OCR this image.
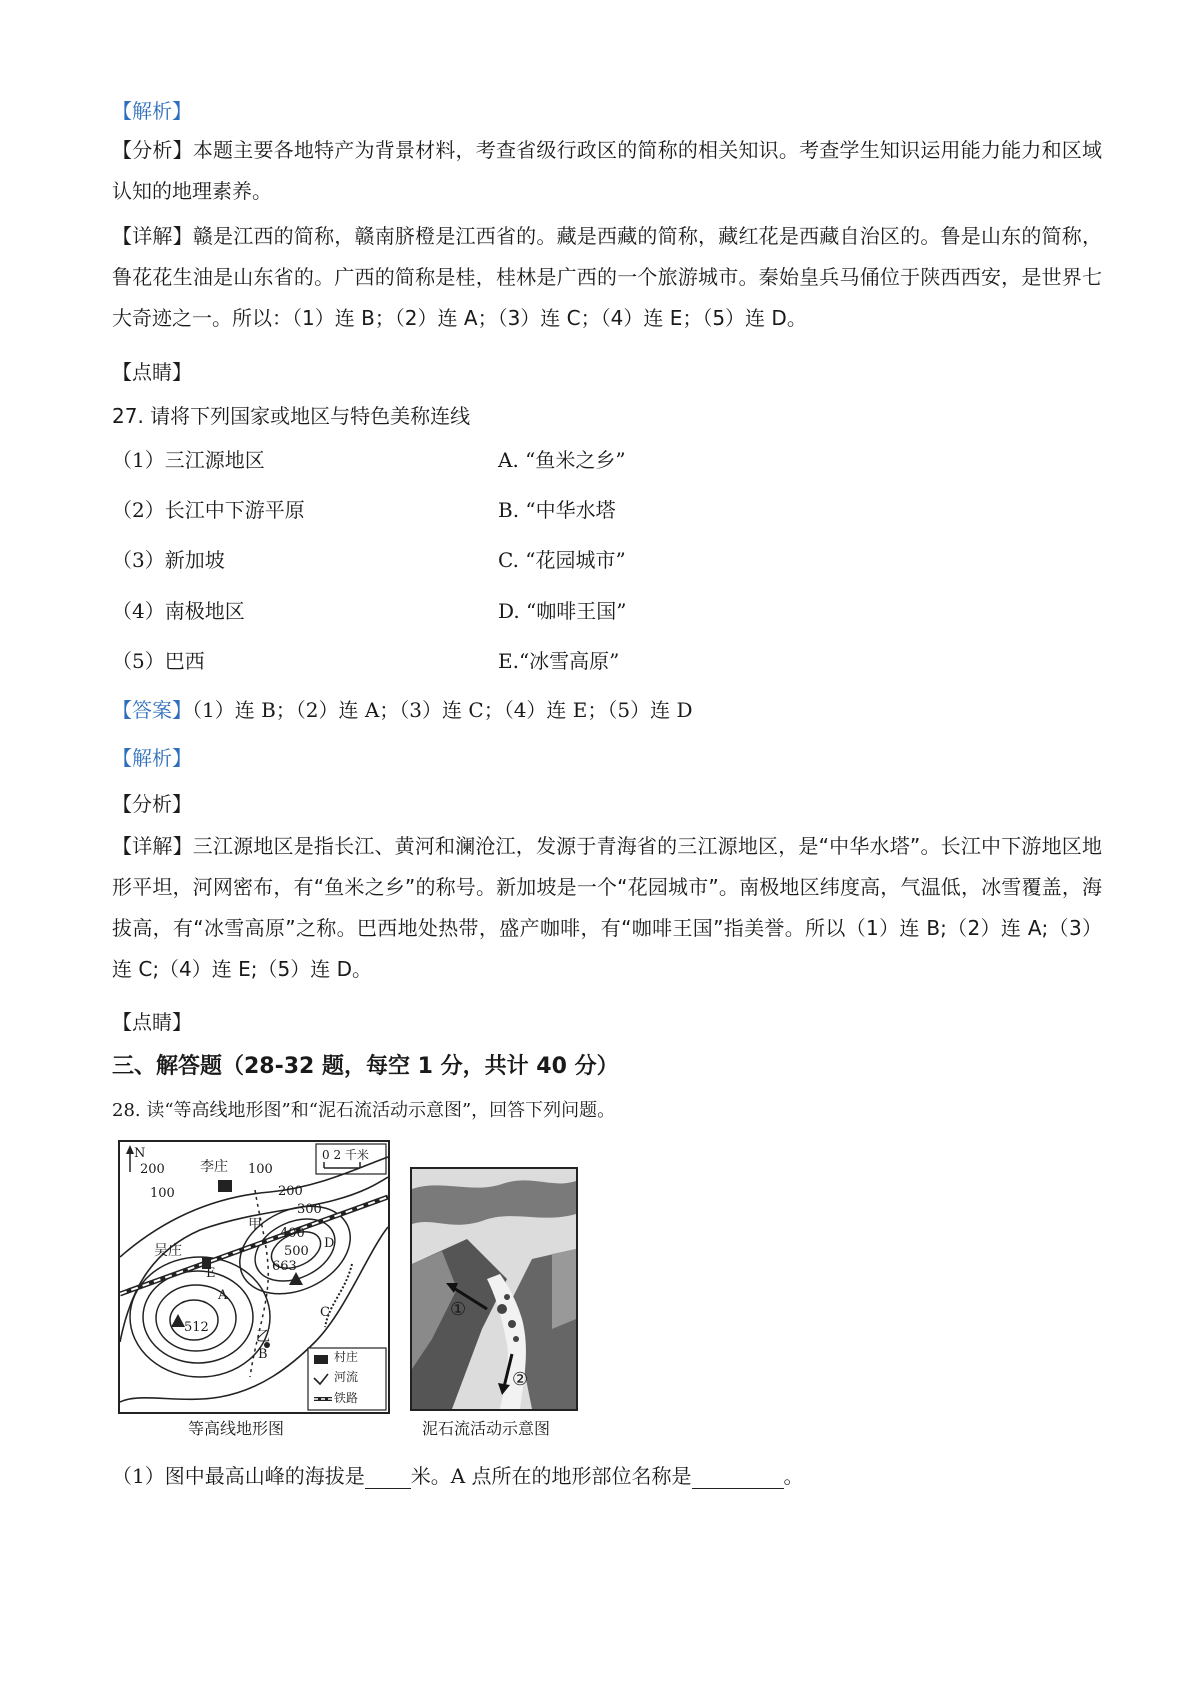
【解析】
【分析】本题主要各地特产为背景材料，考查省级行政区的简称的相关知识。考查学生知识运用能力能力和区域认知的地理素养。
【详解】赣是江西的简称，赣南脐橙是江西省的。藏是西藏的简称，藏红花是西藏自治区的。鲁是山东的简称，鲁花花生油是山东省的。广西的简称是桂，桂林是广西的一个旅游城市。秦始皇兵马俑位于陕西西安，是世界七大奇迹之一。所以：（1）连 B；（2）连 A；（3）连 C；（4）连 E；（5）连 D。
【点睛】
27. 请将下列国家或地区与特色美称连线
（1）三江源地区	A. “鱼米之乡”
（2）长江中下游平原	B. “中华水塔
（3）新加坡	C. “花园城市”
（4）南极地区	D. “咖啡王国”
（5）巴西	E.“冰雪高原”
【答案】（1）连 B；（2）连 A；（3）连 C；（4）连 E；（5）连 D
【解析】
【分析】
【详解】三江源地区是指长江、黄河和澜沧江，发源于青海省的三江源地区，是“中华水塔”。长江中下游地区地形平坦，河网密布，有“鱼米之乡”的称号。新加坡是一个“花园城市”。南极地区纬度高，气温低，冰雪覆盖，海拔高，有“冰雪高原”之称。巴西地处热带，盛产咖啡，有“咖啡王国”指美誉。所以（1）连 B;（2）连 A;（3）连 C;（4）连 E;（5）连 D。
【点睛】
三、解答题（28-32 题，每空 1 分，共计 40 分）
28. 读“等高线地形图”和“泥石流活动示意图”，回答下列问题。
N	0 2 千米
200	100
100	200
300
400
500
663
512
李庄
吴庄
A
B
C
D
E
甲
乙
村庄
河流
铁路
等高线地形图
①
②
泥石流活动示意图
（1）图中最高山峰的海拔是 米。A 点所在的地形部位名称是	。
